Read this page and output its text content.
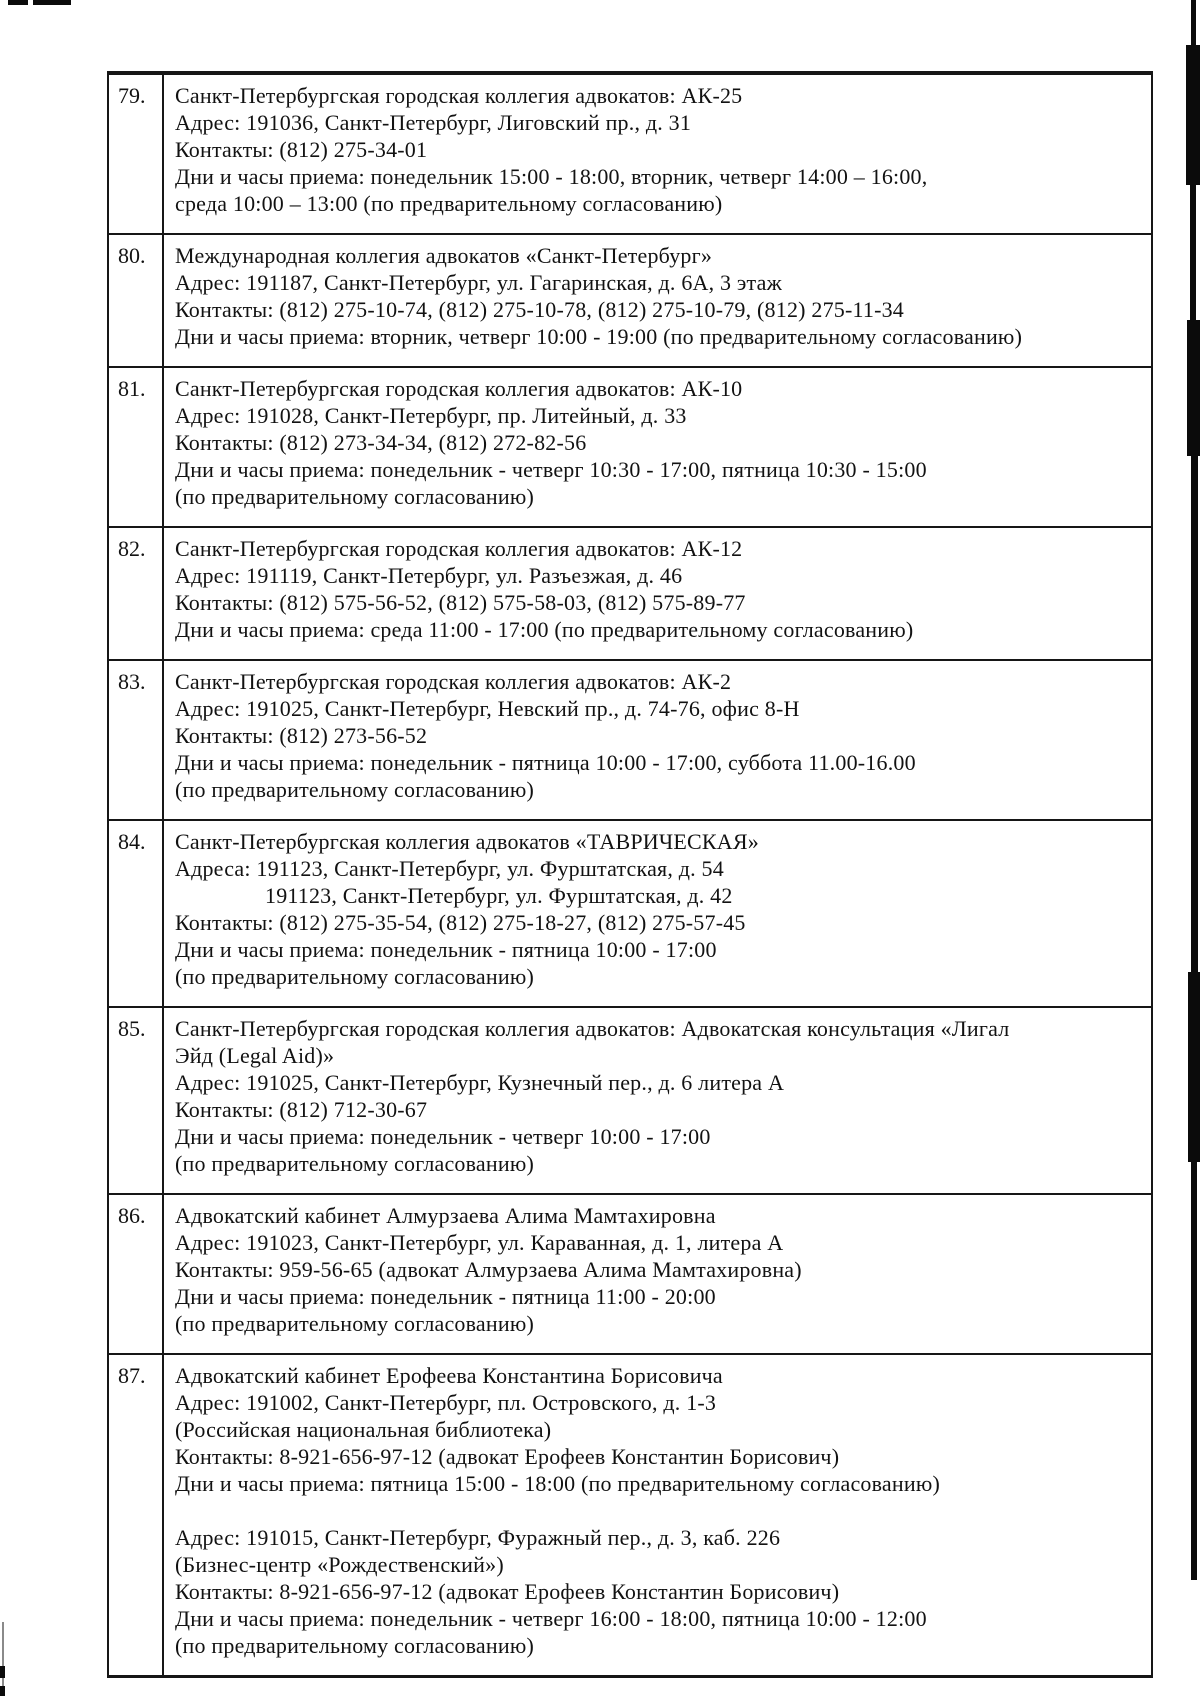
79.	Санкт-Петербургская городская коллегия адвокатов: АК-25
Адрес: 191036, Санкт-Петербург, Лиговский пр., д. 31
Контакты: (812) 275-34-01
Дни и часы приема: понедельник 15:00 - 18:00, вторник, четверг 14:00 – 16:00,
среда 10:00 – 13:00 (по предварительному согласованию)
80.	Международная коллегия адвокатов «Санкт-Петербург»
Адрес: 191187, Санкт-Петербург, ул. Гагаринская, д. 6А, 3 этаж
Контакты: (812) 275-10-74, (812) 275-10-78, (812) 275-10-79, (812) 275-11-34
Дни и часы приема: вторник, четверг 10:00 - 19:00 (по предварительному согласованию)
81.	Санкт-Петербургская городская коллегия адвокатов: АК-10
Адрес: 191028, Санкт-Петербург, пр. Литейный, д. 33
Контакты: (812) 273-34-34, (812) 272-82-56
Дни и часы приема: понедельник - четверг 10:30 - 17:00, пятница 10:30 - 15:00
(по предварительному согласованию)
82.	Санкт-Петербургская городская коллегия адвокатов: АК-12
Адрес: 191119, Санкт-Петербург, ул. Разъезжая, д. 46
Контакты: (812) 575-56-52, (812) 575-58-03, (812) 575-89-77
Дни и часы приема: среда 11:00 - 17:00 (по предварительному согласованию)
83.	Санкт-Петербургская городская коллегия адвокатов: АК-2
Адрес: 191025, Санкт-Петербург, Невский пр., д. 74-76, офис 8-Н
Контакты: (812) 273-56-52
Дни и часы приема: понедельник - пятница 10:00 - 17:00, суббота 11.00-16.00
(по предварительному согласованию)
84.	Санкт-Петербургская коллегия адвокатов «ТАВРИЧЕСКАЯ»
Адреса: 191123, Санкт-Петербург, ул. Фурштатская, д. 54
191123, Санкт-Петербург, ул. Фурштатская, д. 42
Контакты: (812) 275-35-54, (812) 275-18-27, (812) 275-57-45
Дни и часы приема: понедельник - пятница 10:00 - 17:00
(по предварительному согласованию)
85.	Санкт-Петербургская городская коллегия адвокатов: Адвокатская консультация «Лигал
Эйд (Legal Aid)»
Адрес: 191025, Санкт-Петербург, Кузнечный пер., д. 6 литера А
Контакты: (812) 712-30-67
Дни и часы приема: понедельник - четверг 10:00 - 17:00
(по предварительному согласованию)
86.	Адвокатский кабинет Алмурзаева Алима Мамтахировна
Адрес: 191023, Санкт-Петербург, ул. Караванная, д. 1, литера А
Контакты: 959-56-65 (адвокат Алмурзаева Алима Мамтахировна)
Дни и часы приема: понедельник - пятница 11:00 - 20:00
(по предварительному согласованию)
87.	Адвокатский кабинет Ерофеева Константина Борисовича
Адрес: 191002, Санкт-Петербург, пл. Островского, д. 1-3
(Российская национальная библиотека)
Контакты: 8-921-656-97-12 (адвокат Ерофеев Константин Борисович)
Дни и часы приема: пятница 15:00 - 18:00 (по предварительному согласованию)
Адрес: 191015, Санкт-Петербург, Фуражный пер., д. 3, каб. 226
(Бизнес-центр «Рождественский»)
Контакты: 8-921-656-97-12 (адвокат Ерофеев Константин Борисович)
Дни и часы приема: понедельник - четверг 16:00 - 18:00, пятница 10:00 - 12:00
(по предварительному согласованию)
